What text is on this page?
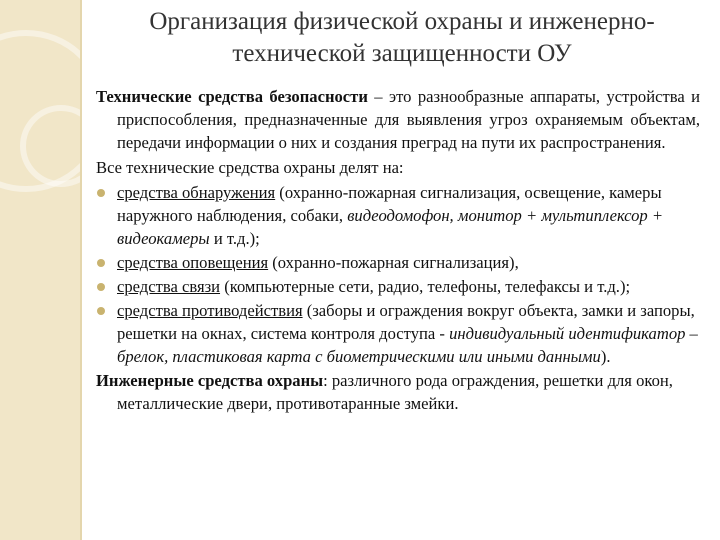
Организация физической охраны и инженерно-
технической защищенности ОУ

Технические средства безопасности – это разнообразные аппараты, устройства и приспособления, предназначенные для выявления угроз охраняемым объектам, передачи информации о них и создания преград на пути их распространения.

Все технические средства охраны делят на:

средства обнаружения (охранно-пожарная сигнализация, освещение, камеры наружного наблюдения, собаки, видеодомофон, монитор + мультиплексор + видеокамеры и т.д.);
средства оповещения (охранно-пожарная сигнализация),
средства связи (компьютерные сети, радио, телефоны, телефаксы и т.д.);
средства противодействия (заборы и ограждения вокруг объекта, замки и запоры, решетки на окнах, система контроля доступа - индивидуальный идентификатор – брелок, пластиковая карта с биометрическими или иными данными).

Инженерные средства охраны: различного рода ограждения, решетки для окон, металлические двери, противотаранные змейки.
